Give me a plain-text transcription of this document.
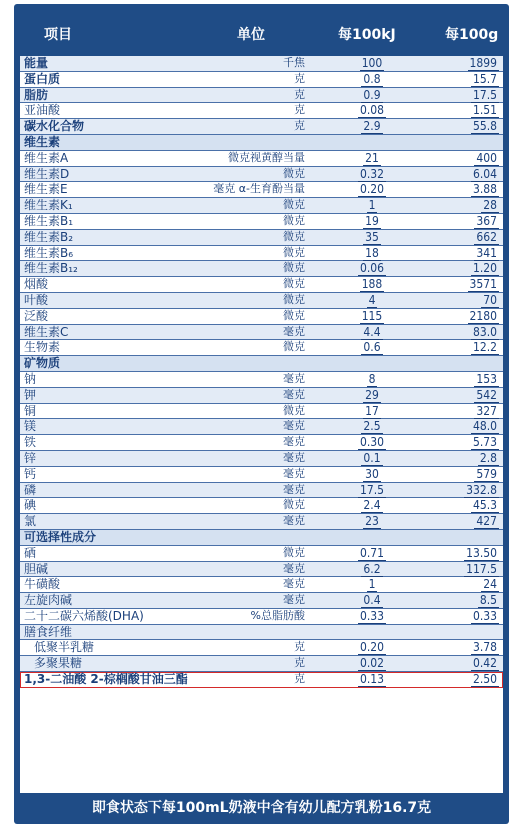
项目	单位	每100kJ	每100g
能量	千焦	100	1899
蛋白质	克	0.8	15.7
脂肪	克	0.9	17.5
亚油酸	克	0.08	1.51
碳水化合物	克	2.9	55.8
维生素
维生素A	微克视黄醇当量	21	400
维生素D	微克	0.32	6.04
维生素E	毫克 α-生育酚当量	0.20	3.88
维生素K₁	微克	1	28
维生素B₁	微克	19	367
维生素B₂	微克	35	662
维生素B₆	微克	18	341
维生素B₁₂	微克	0.06	1.20
烟酸	微克	188	3571
叶酸	微克	4	70
泛酸	微克	115	2180
维生素C	毫克	4.4	83.0
生物素	微克	0.6	12.2
矿物质
钠	毫克	8	153
钾	毫克	29	542
铜	微克	17	327
镁	毫克	2.5	48.0
铁	毫克	0.30	5.73
锌	毫克	0.1	2.8
钙	毫克	30	579
磷	毫克	17.5	332.8
碘	微克	2.4	45.3
氯	毫克	23	427
可选择性成分
硒	微克	0.71	13.50
胆碱	毫克	6.2	117.5
牛磺酸	毫克	1	24
左旋肉碱	毫克	0.4	8.5
二十二碳六烯酸(DHA)	%总脂肪酸	0.33	0.33
膳食纤维
低聚半乳糖	克	0.20	3.78
多聚果糖	克	0.02	0.42
1,3-二油酸 2-棕榈酸甘油三酯	克	0.13	2.50
即食状态下每100mL奶液中含有幼儿配方乳粉16.7克
